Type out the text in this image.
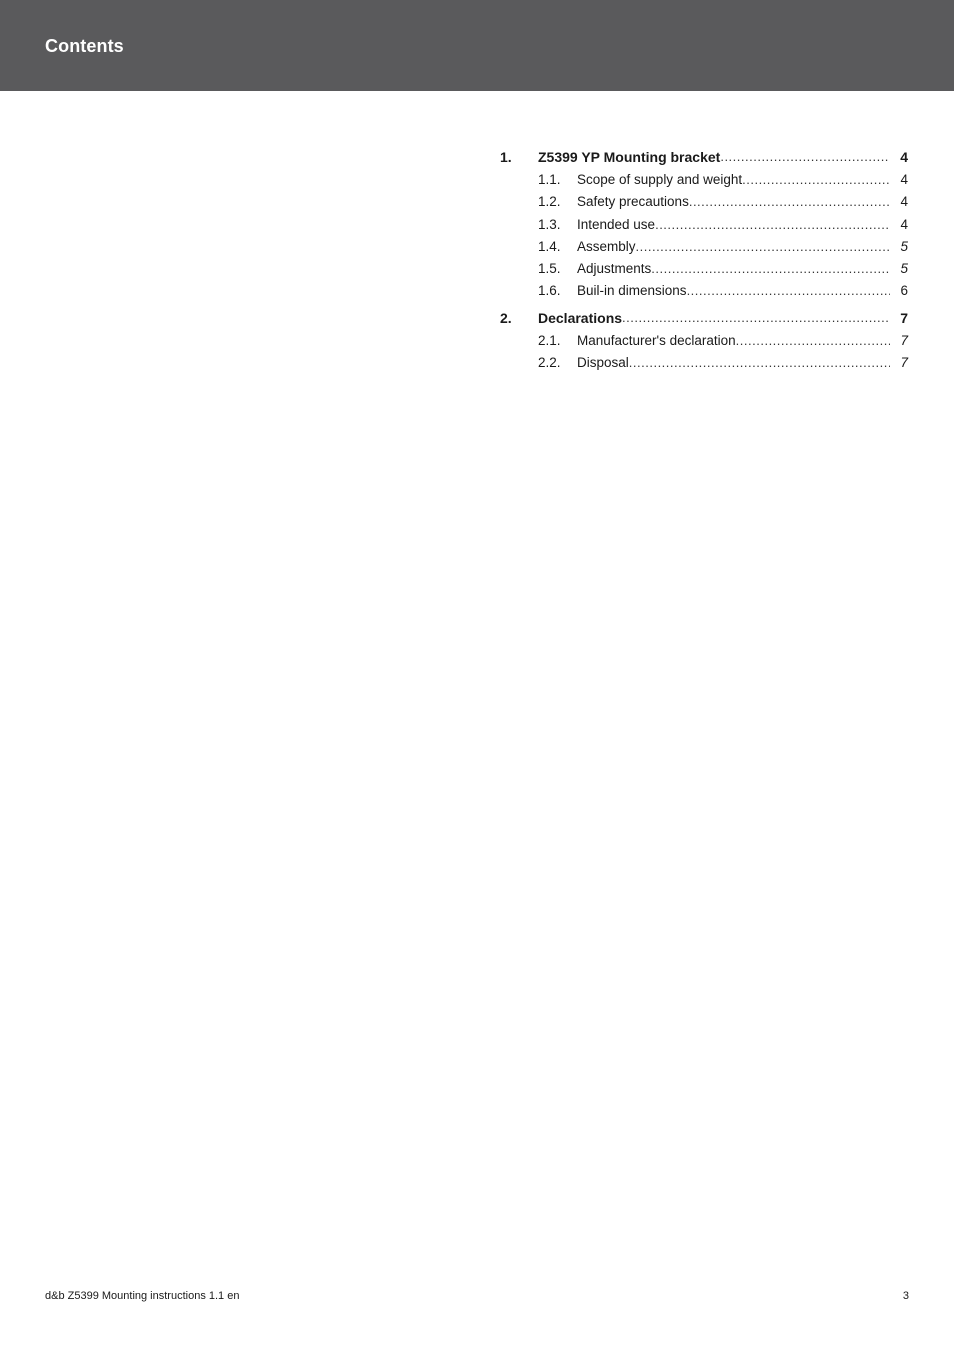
Contents
1. Z5399 YP Mounting bracket .....	4
1.1. Scope of supply and weight .....	4
1.2. Safety precautions .....	4
1.3. Intended use .....	4
1.4. Assembly .....	5
1.5. Adjustments .....	5
1.6. Buil-in dimensions .....	6
2. Declarations .....	7
2.1. Manufacturer's declaration .....	7
2.2. Disposal .....	7
d&b Z5399 Mounting instructions 1.1 en	3
